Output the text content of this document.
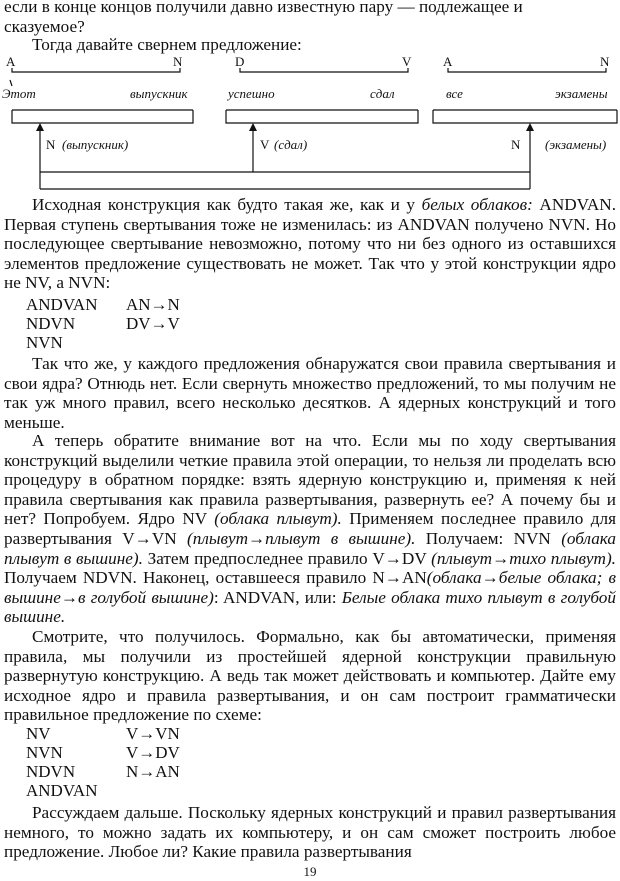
если в конце концов получили давно известную пару — подлежащее и
сказуемое?

Тогда давайте свернем предложение:

A	N	D	V A	N
Этот	выпускник	успешно	сдал	все	экзамены
N (выпускник)	V (сдал)	N (экзамены)

Исходная конструкция как будто такая же, как и у белых облаков: ANDVAN. Первая ступень свертывания тоже не изменилась: из ANDVAN получено NVN. Но последующее свертывание невозможно, потому что ни без одного из оставшихся элементов предложение существовать не может. Так что у этой конструкции ядро не NV, а NVN:

ANDVAN	AN→N
NDVN	DV→V
NVN

Так что же, у каждого предложения обнаружатся свои правила свертывания и свои ядра? Отнюдь нет. Если свернуть множество предложений, то мы получим не так уж много правил, всего несколько десятков. А ядерных конструкций и того меньше.

А теперь обратите внимание вот на что. Если мы по ходу свертывания конструкций выделили четкие правила этой операции, то нельзя ли проделать всю процедуру в обратном порядке: взять ядерную конструкцию и, применяя к ней правила свертывания как правила развертывания, развернуть ее? А почему бы и нет? Попробуем. Ядро NV (облака плывут). Применяем последнее правило для развертывания V→VN (плывут→плывут в вышине). Получаем: NVN (облака плывут в вышине). Затем предпоследнее правило V→DV (плывут→тихо плывут). Получаем NDVN. Наконец, оставшееся правило N→AN(облака→белые облака; в вышине→в голубой вышине): ANDVAN, или: Белые облака тихо плывут в голубой вышине.

Смотрите, что получилось. Формально, как бы автоматически, применяя правила, мы получили из простейшей ядерной конструкции правильную развернутую конструкцию. А ведь так может действовать и компьютер. Дайте ему исходное ядро и правила развертывания, и он сам построит грамматически правильное предложение по схеме:

NV	V→VN
NVN	V→DV
NDVN	N→AN
ANDVAN

Рассуждаем дальше. Поскольку ядерных конструкций и правил развертывания немного, то можно задать их компьютеру, и он сам сможет построить любое предложение. Любое ли? Какие правила развертывания

19
